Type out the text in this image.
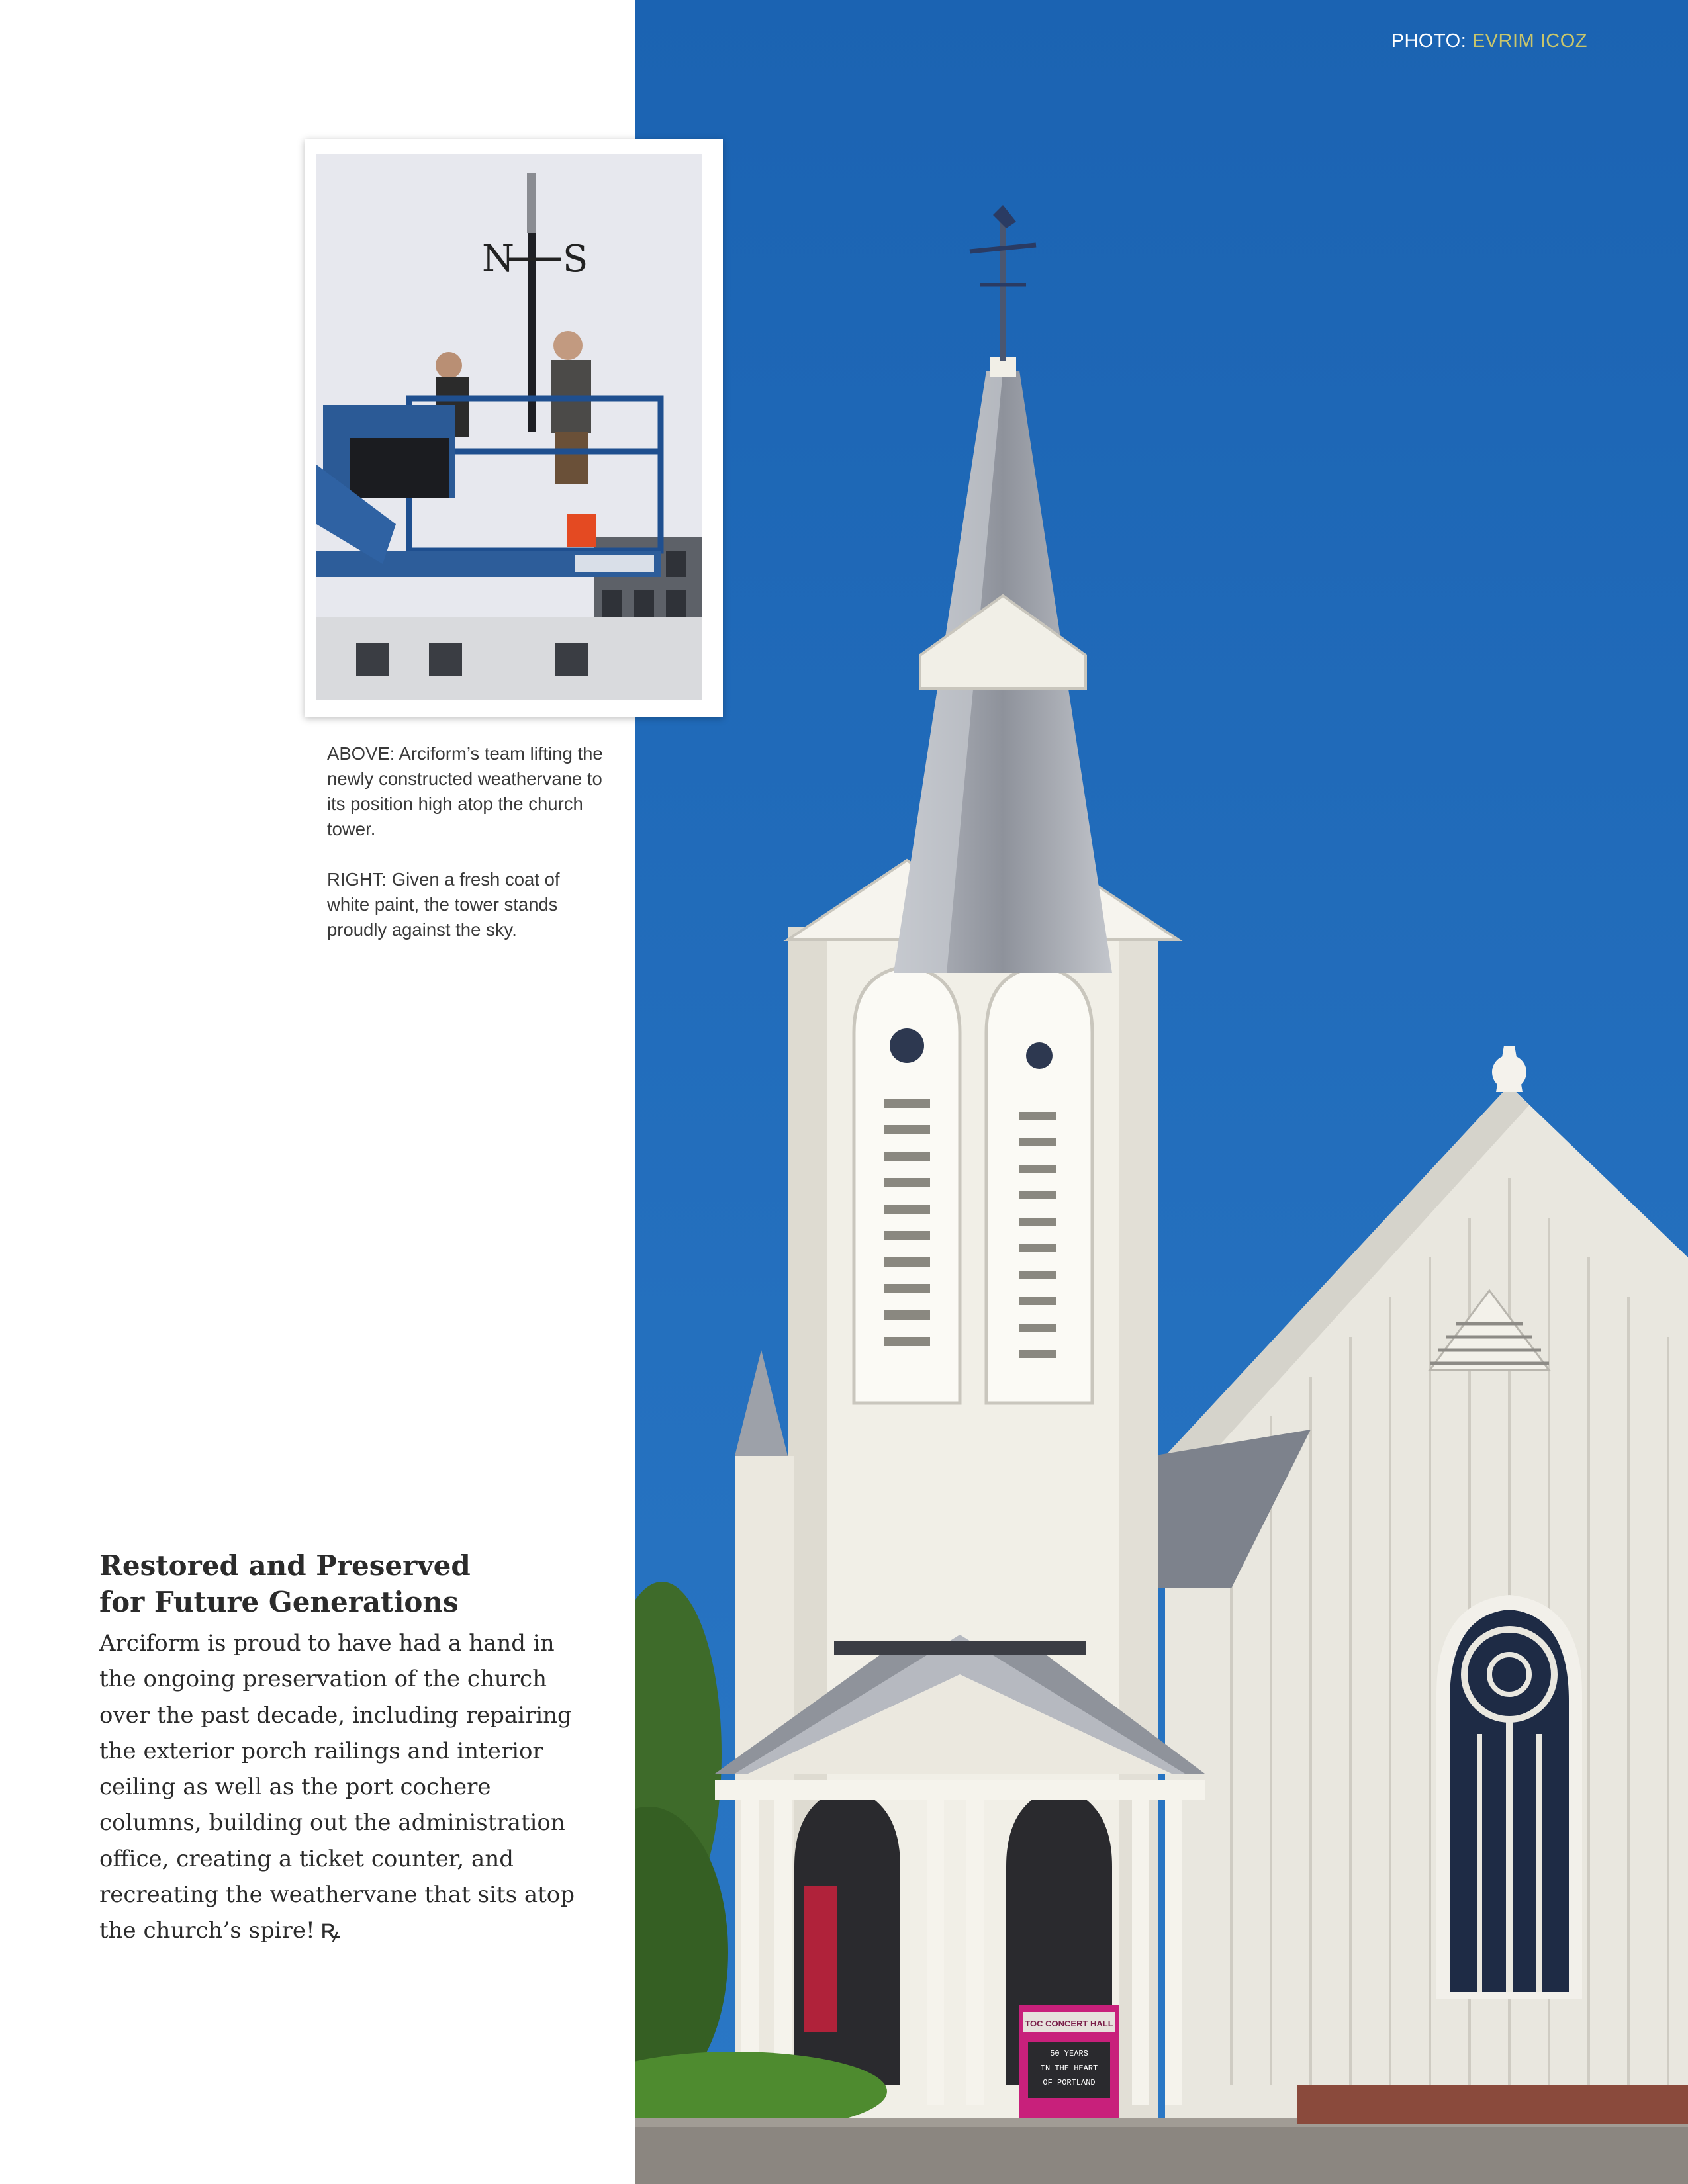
TOC CONCERT HALL
50 YEARS
IN THE HEART
OF PORTLAND
PHOTO: EVRIM ICOZ
N S

ABOVE: Arciform’s team lifting the newly constructed weathervane to its position high atop the church tower.

RIGHT: Given a fresh coat of white paint, the tower stands proudly against the sky.

Restored and Preserved
for Future Generations

Arciform is proud to have had a hand in the ongoing preservation of the church over the past decade, including repairing the exterior porch railings and interior ceiling as well as the port cochere columns, building out the administration office, creating a ticket counter, and recreating the weathervane that sits atop the church’s spire! ꝶ
